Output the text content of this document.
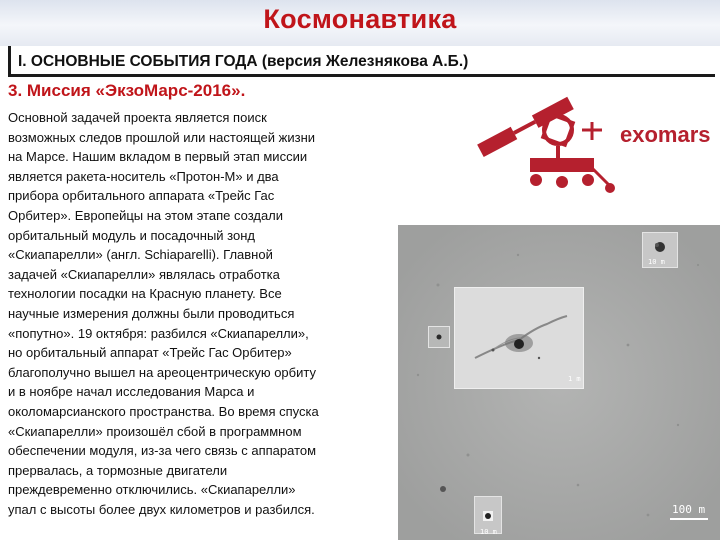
Космонавтика
I. ОСНОВНЫЕ СОБЫТИЯ ГОДА (версия Железнякова А.Б.)
3. Миссия «ЭкзоМарс-2016».
Основной задачей проекта является поиск
возможных следов прошлой или настоящей жизни
на Марсе. Нашим вкладом в первый этап миссии
является ракета-носитель «Протон-М» и два
прибора орбитального аппарата «Трейс Гас
Орбитер». Европейцы на этом этапе создали
орбитальный модуль и посадочный зонд
«Скиапарелли» (англ. Schiaparelli). Главной
задачей «Скиапарелли» являлась отработка
технологии посадки на Красную планету. Все
научные измерения должны были проводиться
«попутно». 19 октября: разбился «Скиапарелли»,
но орбитальный аппарат «Трейс Гас Орбитер»
благополучно вышел на ареоцентрическую орбиту
и в ноябре начал исследования Марса и
околомарсианского пространства. Во время спуска
«Скиапарелли» произошёл сбой в программном
обеспечении модуля, из-за чего связь с аппаратом
прервалась, а тормозные двигатели
преждевременно отключились. «Скиапарелли»
упал с высоты более двух километров и разбился.
exomars
10 m
1 m
10 m
100 m
